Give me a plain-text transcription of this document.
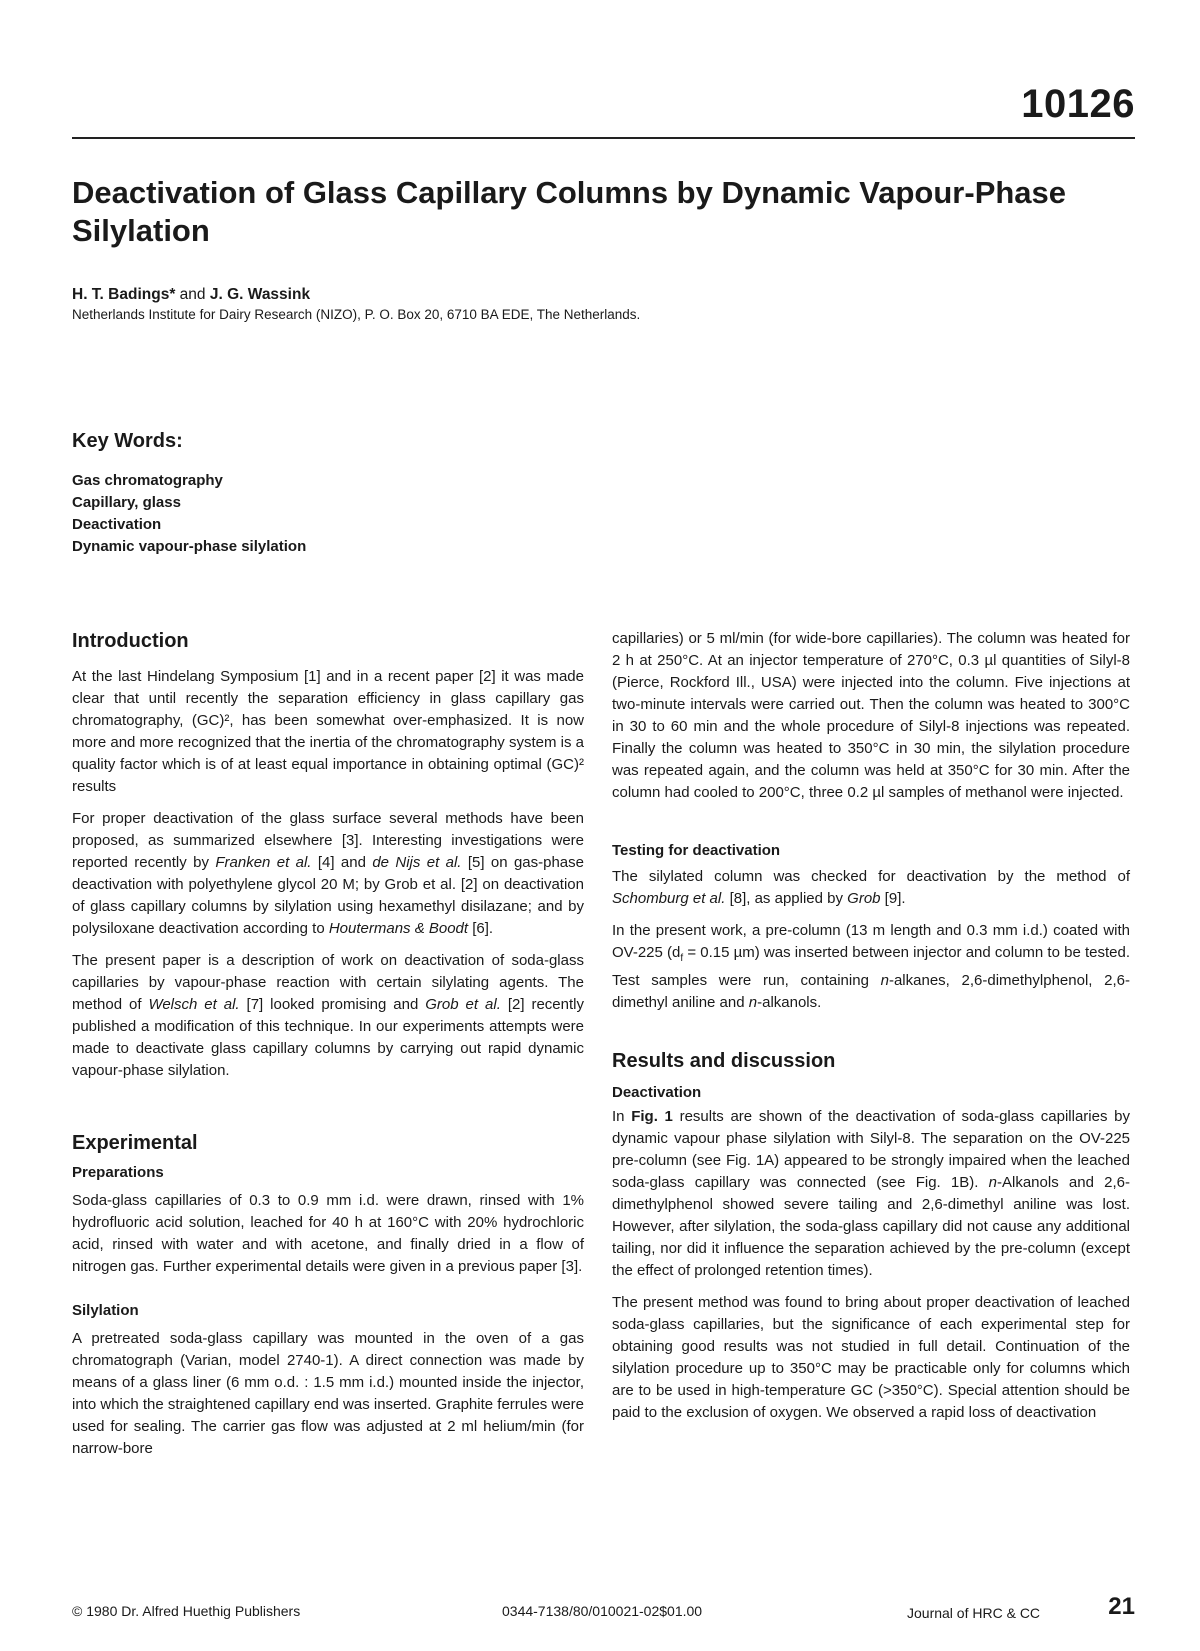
10126
Deactivation of Glass Capillary Columns by Dynamic Vapour-Phase Silylation
H. T. Badings* and J. G. Wassink
Netherlands Institute for Dairy Research (NIZO), P. O. Box 20, 6710 BA EDE, The Netherlands.
Key Words:
Gas chromatography
Capillary, glass
Deactivation
Dynamic vapour-phase silylation
Introduction

At the last Hindelang Symposium [1] and in a recent paper [2] it was made clear that until recently the separation efficiency in glass capillary gas chromatography, (GC)², has been somewhat over-emphasized. It is now more and more recognized that the inertia of the chromatography system is a quality factor which is of at least equal importance in obtaining optimal (GC)² results

For proper deactivation of the glass surface several methods have been proposed, as summarized elsewhere [3]. Interesting investigations were reported recently by Franken et al. [4] and de Nijs et al. [5] on gas-phase deactivation with polyethylene glycol 20 M; by Grob et al. [2] on deactivation of glass capillary columns by silylation using hexamethyl disilazane; and by polysiloxane deactivation according to Houtermans & Boodt [6].

The present paper is a description of work on deactivation of soda-glass capillaries by vapour-phase reaction with certain silylating agents. The method of Welsch et al. [7] looked promising and Grob et al. [2] recently published a modification of this technique. In our experiments attempts were made to deactivate glass capillary columns by carrying out rapid dynamic vapour-phase silylation.

Experimental
Preparations

Soda-glass capillaries of 0.3 to 0.9 mm i.d. were drawn, rinsed with 1% hydrofluoric acid solution, leached for 40 h at 160°C with 20% hydrochloric acid, rinsed with water and with acetone, and finally dried in a flow of nitrogen gas. Further experimental details were given in a previous paper [3].

Silylation

A pretreated soda-glass capillary was mounted in the oven of a gas chromatograph (Varian, model 2740-1). A direct connection was made by means of a glass liner (6 mm o.d. : 1.5 mm i.d.) mounted inside the injector, into which the straightened capillary end was inserted. Graphite ferrules were used for sealing. The carrier gas flow was adjusted at 2 ml helium/min (for narrow-bore

capillaries) or 5 ml/min (for wide-bore capillaries). The column was heated for 2 h at 250°C. At an injector temperature of 270°C, 0.3 µl quantities of Silyl-8 (Pierce, Rockford Ill., USA) were injected into the column. Five injections at two-minute intervals were carried out. Then the column was heated to 300°C in 30 to 60 min and the whole procedure of Silyl-8 injections was repeated. Finally the column was heated to 350°C in 30 min, the silylation procedure was repeated again, and the column was held at 350°C for 30 min. After the column had cooled to 200°C, three 0.2 µl samples of methanol were injected.

Testing for deactivation

The silylated column was checked for deactivation by the method of Schomburg et al. [8], as applied by Grob [9].

In the present work, a pre-column (13 m length and 0.3 mm i.d.) coated with OV-225 ($d_f = 0.15$ µm) was inserted between injector and column to be tested. Test samples were run, containing n-alkanes, 2,6-dimethylphenol, 2,6-dimethyl aniline and n-alkanols.

Results and discussion
Deactivation

In Fig. 1 results are shown of the deactivation of soda-glass capillaries by dynamic vapour phase silylation with Silyl-8. The separation on the OV-225 pre-column (see Fig. 1A) appeared to be strongly impaired when the leached soda-glass capillary was connected (see Fig. 1B). n-Alkanols and 2,6-dimethylphenol showed severe tailing and 2,6-dimethyl aniline was lost. However, after silylation, the soda-glass capillary did not cause any additional tailing, nor did it influence the separation achieved by the pre-column (except the effect of prolonged retention times).

The present method was found to bring about proper deactivation of leached soda-glass capillaries, but the significance of each experimental step for obtaining good results was not studied in full detail. Continuation of the silylation procedure up to 350°C may be practicable only for columns which are to be used in high-temperature GC (>350°C). Special attention should be paid to the exclusion of oxygen. We observed a rapid loss of deactivation

© 1980 Dr. Alfred Huethig Publishers	0344-7138/80/010021-02$01.00	Journal of HRC & CC	21
